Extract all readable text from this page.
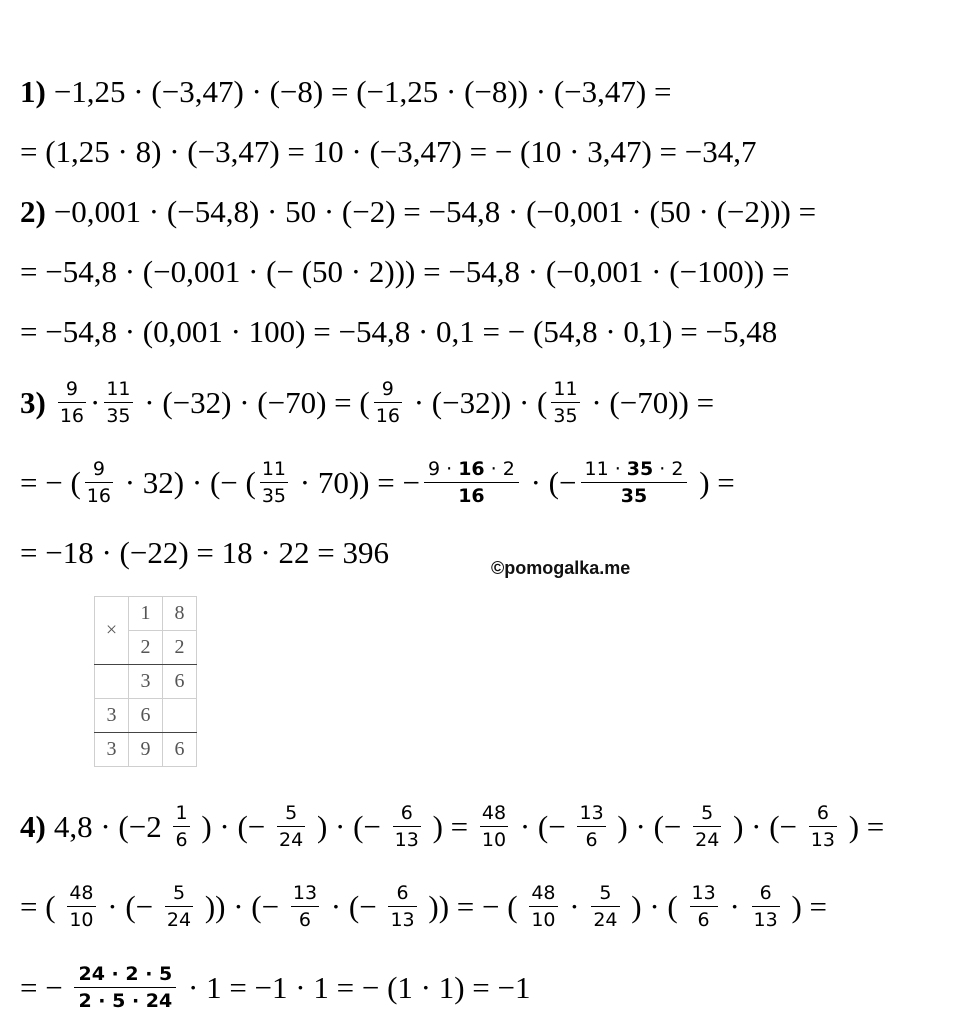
1) −1,25 · (−3,47) · (−8) = (−1,25 · (−8)) · (−3,47) =
= (1,25 · 8) · (−3,47) = 10 · (−3,47) = − (10 · 3,47) = −34,7
2) −0,001 · (−54,8) · 50 · (−2) = −54,8 · (−0,001 · (50 · (−2))) =
= −54,8 · (−0,001 · (− (50 · 2))) = −54,8 · (−0,001 · (−100)) =
= −54,8 · (0,001 · 100) = −54,8 · 0,1 = − (54,8 · 0,1) = −5,48
$3) \frac{9}{16} \cdot \frac{11}{35} \cdot (-32) \cdot (-70)$ = ( $\frac{9}{16} \cdot (-32)$) · ( $\frac{11}{35} \cdot (-70)$) =
= − ( $\frac{9}{16} \cdot 32$) · (− ( $\frac{11}{35} \cdot 70$)) = − $\frac{9 \cdot 16 \cdot 2}{16}$ · (− $\frac{11 \cdot 35 \cdot 2}{35}$ ) =
= −18 · (−22) = 18 · 22 = 396	©pomogalka.me
×	1	8
	2	2
	3	6
3	6	
3	9	6
4) $4,8 \cdot (-2 \frac{1}{6}$ ) · (− $\frac{5}{24}$ ) · (− $\frac{6}{13}$ ) = $\frac{48}{10}$ · (− $\frac{13}{6}$ ) · (− $\frac{5}{24}$ ) · (− $\frac{6}{13}$ ) =
= ( $\frac{48}{10}$ · (− $\frac{5}{24}$ )) · (− $\frac{13}{6}$ · (− $\frac{6}{13}$ )) = − ( $\frac{48}{10} \cdot \frac{5}{24}$ ) · ( $\frac{13}{6} \cdot \frac{6}{13}$ ) =
= − $\frac{24 \cdot 2 \cdot 5}{2 \cdot 5 \cdot 24} \cdot 1 = -1 \cdot 1$ = − (1 · 1) = −1
